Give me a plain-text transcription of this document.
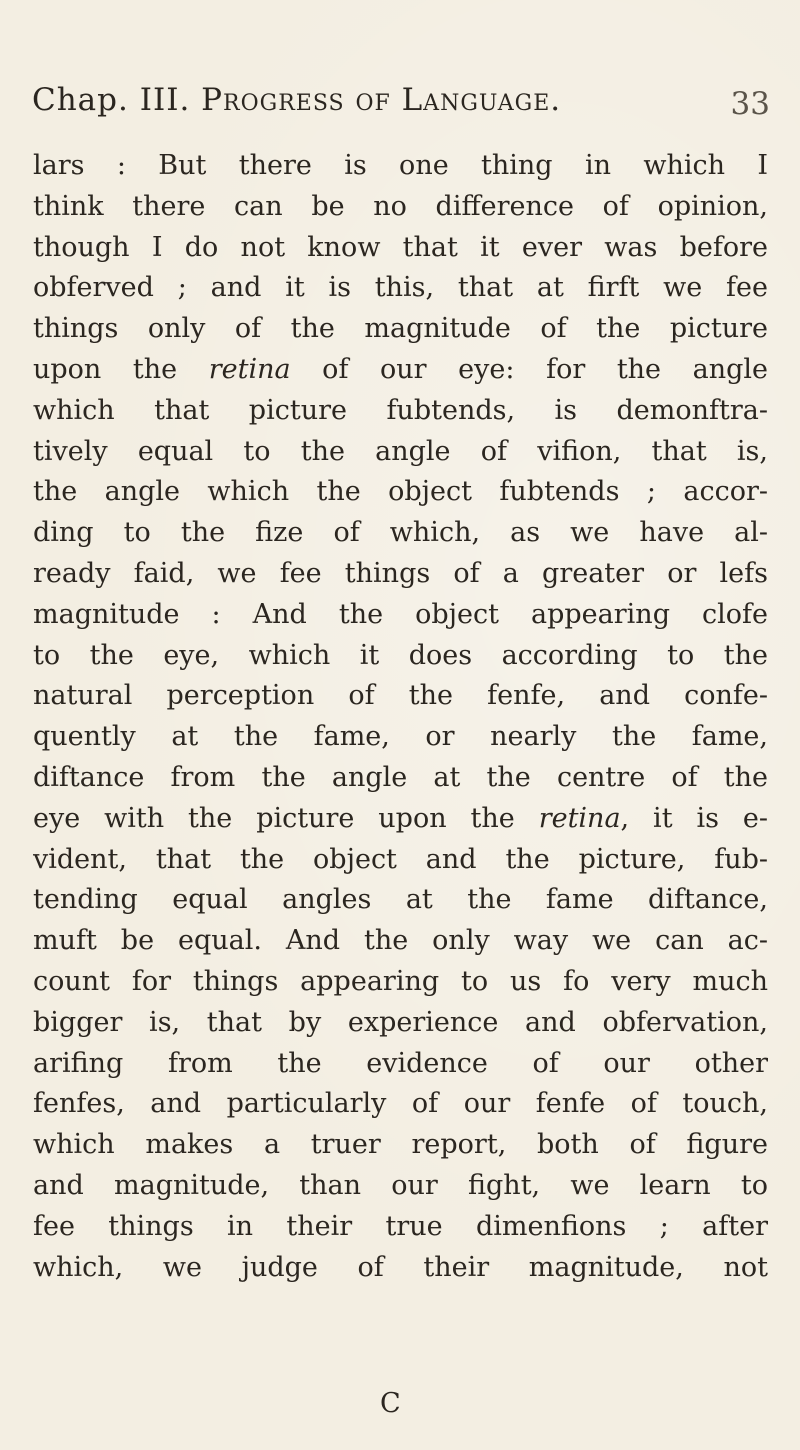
Chap. III. Progress of Language.	33
lars : But there is one thing in which I
think there can be no difference of opinion,
though I do not know that it ever was before
obferved ; and it is this, that at firft we fee
things only of the magnitude of the picture
upon the retina of our eye: for the angle
which that picture fubtends, is demonftra-
tively equal to the angle of vifion, that is,
the angle which the object fubtends ; accor-
ding to the fize of which, as we have al-
ready faid, we fee things of a greater or lefs
magnitude : And the object appearing clofe
to the eye, which it does according to the
natural perception of the fenfe, and confe-
quently at the fame, or nearly the fame,
diftance from the angle at the centre of the
eye with the picture upon the retina, it is e-
vident, that the object and the picture, fub-
tending equal angles at the fame diftance,
muft be equal. And the only way we can ac-
count for things appearing to us fo very much
bigger is, that by experience and obfervation,
arifing from the evidence of our other
fenfes, and particularly of our fenfe of touch,
which makes a truer report, both of figure
and magnitude, than our fight, we learn to
fee things in their true dimenfions ; after
which, we judge of their magnitude, not
C
